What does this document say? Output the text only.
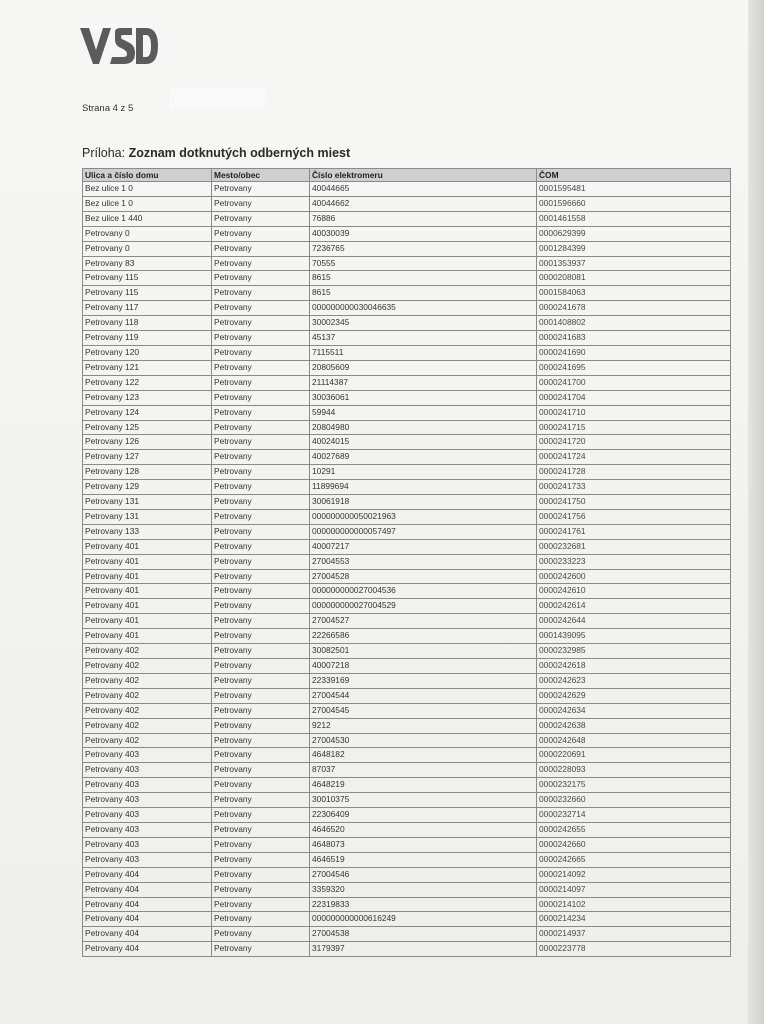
Strana 4 z 5
Príloha: Zoznam dotknutých odberných miest
Ulica a číslo domu	Mesto/obec	Číslo elektromeru	ČOM
Bez ulice 1 0	Petrovany	40044665	0001595481
Bez ulice 1 0	Petrovany	40044662	0001596660
Bez ulice 1 440	Petrovany	76886	0001461558
Petrovany 0	Petrovany	40030039	0000629399
Petrovany 0	Petrovany	7236765	0001284399
Petrovany 83	Petrovany	70555	0001353937
Petrovany 115	Petrovany	8615	0000208081
Petrovany 115	Petrovany	8615	0001584063
Petrovany 117	Petrovany	000000000030046635	0000241678
Petrovany 118	Petrovany	30002345	0001408802
Petrovany 119	Petrovany	45137	0000241683
Petrovany 120	Petrovany	7115511	0000241690
Petrovany 121	Petrovany	20805609	0000241695
Petrovany 122	Petrovany	21114387	0000241700
Petrovany 123	Petrovany	30036061	0000241704
Petrovany 124	Petrovany	59944	0000241710
Petrovany 125	Petrovany	20804980	0000241715
Petrovany 126	Petrovany	40024015	0000241720
Petrovany 127	Petrovany	40027689	0000241724
Petrovany 128	Petrovany	10291	0000241728
Petrovany 129	Petrovany	11899694	0000241733
Petrovany 131	Petrovany	30061918	0000241750
Petrovany 131	Petrovany	000000000050021963	0000241756
Petrovany 133	Petrovany	000000000000057497	0000241761
Petrovany 401	Petrovany	40007217	0000232681
Petrovany 401	Petrovany	27004553	0000233223
Petrovany 401	Petrovany	27004528	0000242600
Petrovany 401	Petrovany	000000000027004536	0000242610
Petrovany 401	Petrovany	000000000027004529	0000242614
Petrovany 401	Petrovany	27004527	0000242644
Petrovany 401	Petrovany	22266586	0001439095
Petrovany 402	Petrovany	30082501	0000232985
Petrovany 402	Petrovany	40007218	0000242618
Petrovany 402	Petrovany	22339169	0000242623
Petrovany 402	Petrovany	27004544	0000242629
Petrovany 402	Petrovany	27004545	0000242634
Petrovany 402	Petrovany	9212	0000242638
Petrovany 402	Petrovany	27004530	0000242648
Petrovany 403	Petrovany	4648182	0000220691
Petrovany 403	Petrovany	87037	0000228093
Petrovany 403	Petrovany	4648219	0000232175
Petrovany 403	Petrovany	30010375	0000232660
Petrovany 403	Petrovany	22306409	0000232714
Petrovany 403	Petrovany	4646520	0000242655
Petrovany 403	Petrovany	4648073	0000242660
Petrovany 403	Petrovany	4646519	0000242665
Petrovany 404	Petrovany	27004546	0000214092
Petrovany 404	Petrovany	3359320	0000214097
Petrovany 404	Petrovany	22319833	0000214102
Petrovany 404	Petrovany	000000000000616249	0000214234
Petrovany 404	Petrovany	27004538	0000214937
Petrovany 404	Petrovany	3179397	0000223778
